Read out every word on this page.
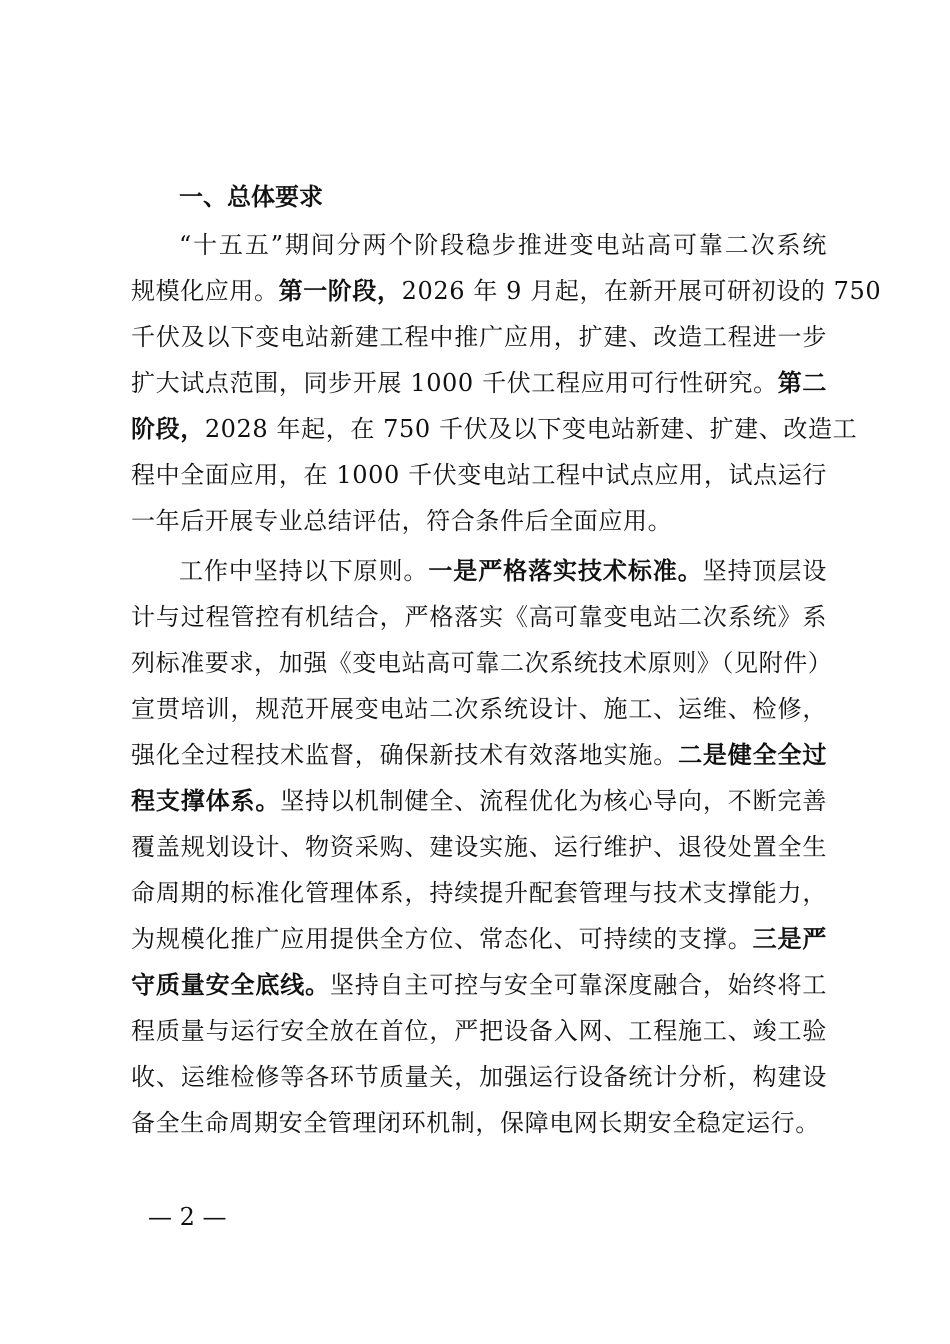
一、总体要求
“十五五”期间分两个阶段稳步推进变电站高可靠二次系统
规模化应用。第一阶段，2026 年 9 月起，在新开展可研初设的 750
千伏及以下变电站新建工程中推广应用，扩建、改造工程进一步
扩大试点范围，同步开展 1000 千伏工程应用可行性研究。第二
阶段，2028 年起，在 750 千伏及以下变电站新建、扩建、改造工
程中全面应用，在 1000 千伏变电站工程中试点应用，试点运行
一年后开展专业总结评估，符合条件后全面应用。
工作中坚持以下原则。一是严格落实技术标准。坚持顶层设
计与过程管控有机结合，严格落实《高可靠变电站二次系统》系
列标准要求，加强《变电站高可靠二次系统技术原则》（见附件）
宣贯培训，规范开展变电站二次系统设计、施工、运维、检修，
强化全过程技术监督，确保新技术有效落地实施。二是健全全过
程支撑体系。坚持以机制健全、流程优化为核心导向，不断完善
覆盖规划设计、物资采购、建设实施、运行维护、退役处置全生
命周期的标准化管理体系，持续提升配套管理与技术支撑能力，
为规模化推广应用提供全方位、常态化、可持续的支撑。三是严
守质量安全底线。坚持自主可控与安全可靠深度融合，始终将工
程质量与运行安全放在首位，严把设备入网、工程施工、竣工验
收、运维检修等各环节质量关，加强运行设备统计分析，构建设
备全生命周期安全管理闭环机制，保障电网长期安全稳定运行。
— 2 —
